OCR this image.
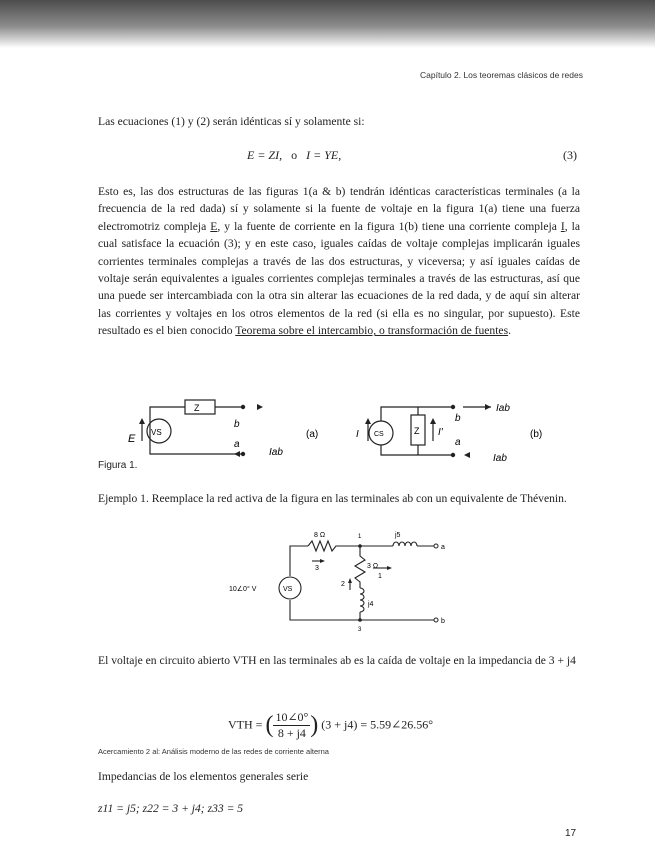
Capítulo 2. Los teoremas clásicos de redes

Las ecuaciones (1) y (2) serán idénticas sí y solamente si:

E = ZI, o I = YE,	(3)

Esto es, las dos estructuras de las figuras 1(a & b) tendrán idénticas características terminales (a la frecuencia de la red dada) sí y solamente si la fuente de voltaje en la figura 1(a) tiene una fuerza electromotriz compleja E, y la fuente de corriente en la figura 1(b) tiene una corriente compleja I, la cual satisface la ecuación (3); y en este caso, iguales caídas de voltaje complejas implicarán iguales corrientes terminales complejas a través de las dos estructuras, y viceversa; y así iguales caídas de voltaje serán equivalentes a iguales corrientes complejas terminales a través de las estructuras, así que una puede ser intercambiada con la otra sin alterar las ecuaciones de la red dada, y de aquí sin alterar las corrientes y voltajes en los otros elementos de la red (si ella es no singular, por supuesto). Este resultado es el bien conocido Teorema sobre el intercambio, o transformación de fuentes.

Z
VS
E
b
a
Iab
(a)	CS	Z
I	I'
b
a
Iab
Iab
(b)
Figura 1.

Ejemplo 1. Reemplace la red activa de la figura en las terminales ab con un equivalente de Thévenin.

8 Ω	j5
3 Ω
j4
10∠0° V	VS
3
2
1
1
3
a
b

El voltaje en circuito abierto VTH en las terminales ab es la caída de voltaje en la impedancia de 3 + j4

VTH = ( $\frac{10\angle 0^\circ}{8 + j4}$ ) (3 + j4) = 5.59∠26.56°
Acercamiento 2 al: Análisis moderno de las redes de corriente alterna

Impedancias de los elementos generales serie

z11 = j5; z22 = 3 + j4; z33 = 5

17
